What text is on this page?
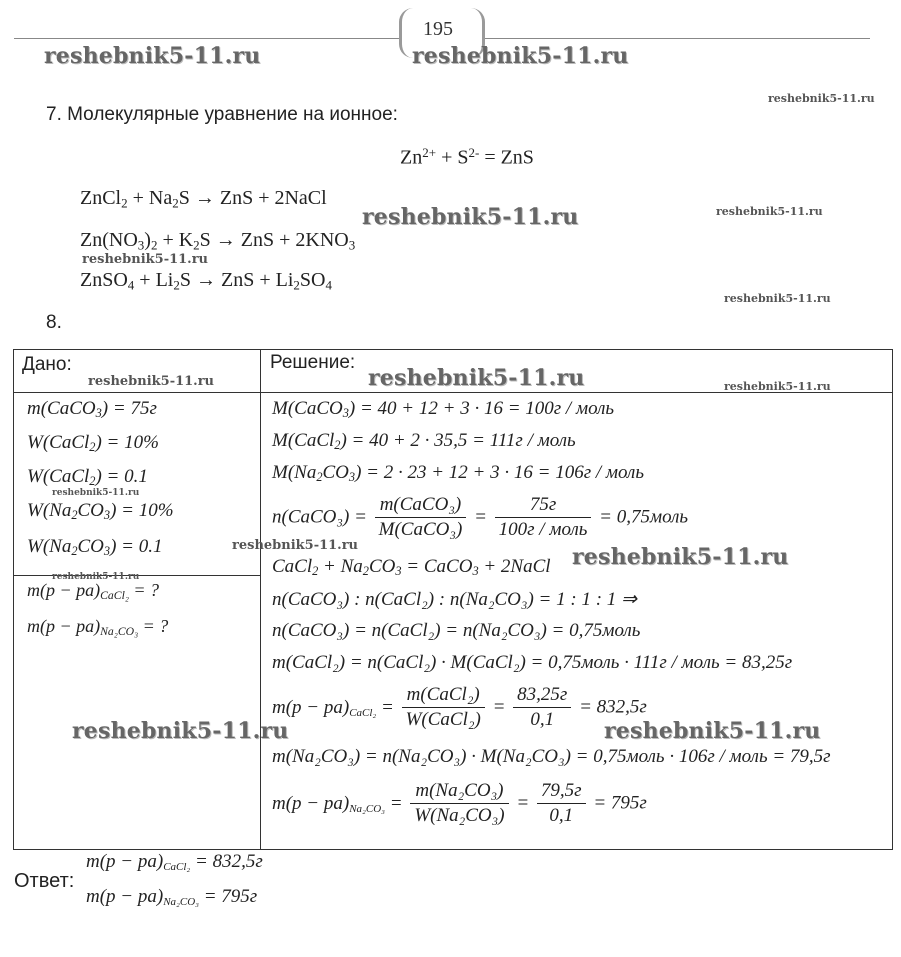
195
reshebnik5-11.ru	reshebnik5-11.ru
reshebnik5-11.ru
reshebnik5-11.ru	reshebnik5-11.ru
reshebnik5-11.ru
reshebnik5-11.ru
7. Молекулярные уравнение на ионное:
$Zn^{2+} + S^{2-}$ = ZnS
ZnCl$_2$ + $Na_2S$ → ZnS + 2NaCl
$Zn(NO_3)_2 + K_2S$ → ZnS + $2KNO_3$
ZnSO$_4$ + $Li_2S$ → ZnS + $Li_2SO_4$
8.
Дано:	Решение:
reshebnik5-11.ru	reshebnik5-11.ru	reshebnik5-11.ru
m(CaCO$_3$) = 75г
W(CaCl$_2$) = 10%
W(CaCl$_2$) = 0.1
reshebnik5-11.ru
$W(Na_2CO_3) = 10\%$
$W(Na_2CO_3) = 0.1$	reshebnik5-11.ru
reshebnik5-11.ru
$m(p - pa)_{CaCl_2}$ = ?
$m(p - pa)_{Na_2CO_3}$ = ?
M(CaCO$_3$) = 40 + 12 + 3 · 16 = 100г / моль
M(CaCl$_2$) = 40 + 2 · 35,5 = 111г / моль
$M(Na_2CO_3) = 2 \cdot 23 + 12 + 3 \cdot 16 = 106г$ / моль
n(CaCO₃) = $\frac{\text{m(CaCO₃)}}{\text{M(CaCO₃)}} = \frac{75г}{\text{100г / моль}}$ = 0,75моль
CaCl$_2$ + $Na_2CO_3$ = CaCO$_3$ + 2NaCl reshebnik5-11.ru
n(CaCO₃) : n(CaCl₂) : n(Na₂CO₃) = 1 : 1 : 1 ⇒
n(CaCO₃) = n(CaCl₂) = n(Na₂CO₃) = 0,75моль
m(CaCl₂) = n(CaCl₂) · M(CaCl₂) = 0,75моль · 111г / моль = 83,25г
$m(p - pa)_{CaCl_2} = \frac{\text{m(CaCl₂)}}{\text{W(CaCl₂)}} = \frac{83,25г}{0,1} = 832,5г$
reshebnik5-11.ru	reshebnik5-11.ru
m(Na₂CO₃) = n(Na₂CO₃) · M(Na₂CO₃) = 0,75моль · 106г / моль = 79,5г
$m(p - pa)_{Na_2CO_3} = \frac{\text{m(Na₂CO₃)}}{\text{W(Na₂CO₃)}} = \frac{79,5г}{0,1} = 795г$
Ответ:
$m(p - pa)_{CaCl_2} = 832,5г$
$m(p - pa)_{Na_2CO_3} = 795г$
